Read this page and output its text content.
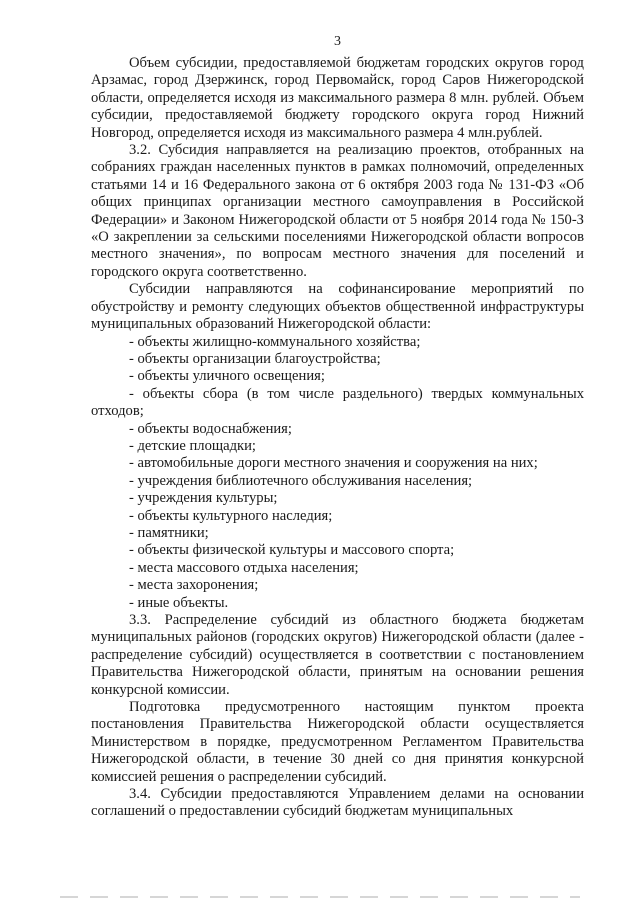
3

Объем субсидии, предоставляемой бюджетам городских округов город Арзамас, город Дзержинск, город Первомайск, город Саров Нижегородской области, определяется исходя из максимального размера 8 млн. рублей. Объем субсидии, предоставляемой бюджету городского округа город Нижний Новгород, определяется исходя из максимального размера 4 млн.рублей.

3.2. Субсидия направляется на реализацию проектов, отобранных на собраниях граждан населенных пунктов в рамках полномочий, определенных статьями 14 и 16 Федерального закона от 6 октября 2003 года № 131-ФЗ «Об общих принципах организации местного самоуправления в Российской Федерации» и Законом Нижегородской области от 5 ноября 2014 года № 150-З «О закреплении за сельскими поселениями Нижегородской области вопросов местного значения», по вопросам местного значения для поселений и городского округа соответственно.

Субсидии направляются на софинансирование мероприятий по обустройству и ремонту следующих объектов общественной инфраструктуры муниципальных образований Нижегородской области:

- объекты жилищно-коммунального хозяйства;
- объекты организации благоустройства;
- объекты уличного освещения;
- объекты сбора (в том числе раздельного) твердых коммунальных отходов;
- объекты водоснабжения;
- детские площадки;
- автомобильные дороги местного значения и сооружения на них;
- учреждения библиотечного обслуживания населения;
- учреждения культуры;
- объекты культурного наследия;
- памятники;
- объекты физической культуры и массового спорта;
- места массового отдыха населения;
- места захоронения;
- иные объекты.

3.3. Распределение субсидий из областного бюджета бюджетам муниципальных районов (городских округов) Нижегородской области (далее - распределение субсидий) осуществляется в соответствии с постановлением Правительства Нижегородской области, принятым на основании решения конкурсной комиссии.

Подготовка предусмотренного настоящим пунктом проекта постановления Правительства Нижегородской области осуществляется Министерством в порядке, предусмотренном Регламентом Правительства Нижегородской области, в течение 30 дней со дня принятия конкурсной комиссией решения о распределении субсидий.

3.4. Субсидии предоставляются Управлением делами на основании соглашений о предоставлении субсидий бюджетам муниципальных
